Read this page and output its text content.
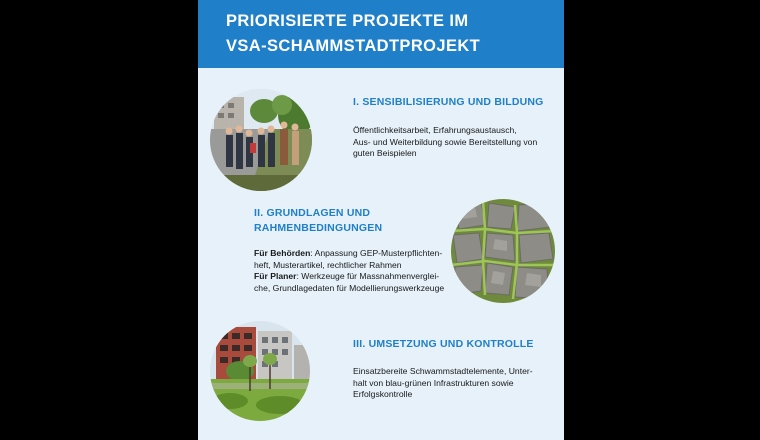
PRIORISIERTE PROJEKTE IM

VSA-SCHAMMSTADTPROJEKT

I. SENSIBILISIERUNG UND BILDUNG

Öffentlichkeitsarbeit, Erfahrungsaustausch,

Aus- und Weiterbildung sowie Bereitstellung von

guten Beispielen

II. GRUNDLAGEN UND

RAHMENBEDINGUNGEN

Für Behörden: Anpassung GEP-Musterpflichten-

heft, Musterartikel, rechtlicher Rahmen

Für Planer: Werkzeuge für Massnahmenverglei-

che, Grundlagedaten für Modellierungswerkzeuge

III. UMSETZUNG UND KONTROLLE

Einsatzbereite Schwammstadtelemente, Unter-

halt von blau-grünen Infrastrukturen sowie

Erfolgskontrolle
